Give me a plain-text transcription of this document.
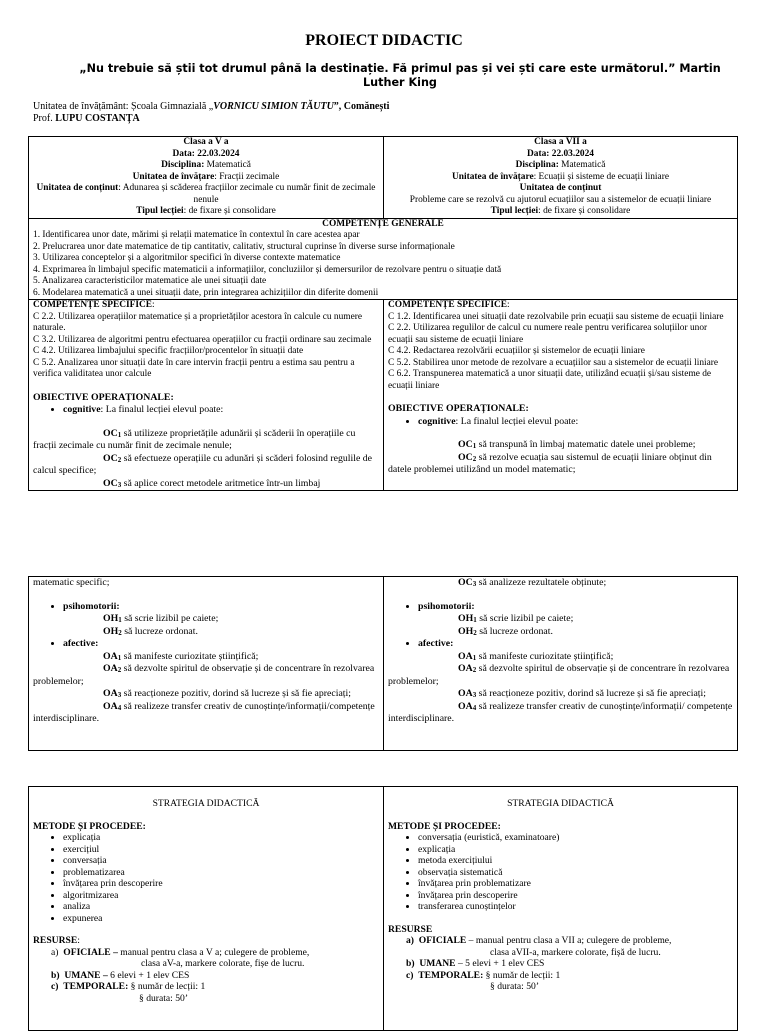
PROIECT DIDACTIC
„Nu trebuie să știi tot drumul până la destinație. Fă primul pas și vei ști care este următorul.” Martin Luther King
Unitatea de învățământ: Școala Gimnazială „VORNICU SIMION TĂUTU”, Comănești
Prof. LUPU COSTANȚA
Clasa a V a
Data: 22.03.2024
Disciplina: Matematică
Unitatea de învățare: Fracții zecimale
Unitatea de conținut: Adunarea și scăderea fracțiilor zecimale cu număr finit de zecimale nenule
Tipul lecției: de fixare și consolidare
Clasa a VII a
Data: 22.03.2024
Disciplina: Matematică
Unitatea de învățare: Ecuații și sisteme de ecuații liniare
Unitatea de conținut
Probleme care se rezolvă cu ajutorul ecuațiilor sau a sistemelor de ecuații liniare
Tipul lecției: de fixare și consolidare
COMPETENȚE GENERALE
1. Identificarea unor date, mărimi și relații matematice în contextul în care acestea apar
2. Prelucrarea unor date matematice de tip cantitativ, calitativ, structural cuprinse în diverse surse informaționale
3. Utilizarea conceptelor și a algoritmilor specifici în diverse contexte matematice
4. Exprimarea în limbajul specific matematicii a informațiilor, concluziilor și demersurilor de rezolvare pentru o situație dată
5. Analizarea caracteristicilor matematice ale unei situații date
6. Modelarea matematică a unei situații date, prin integrarea achizițiilor din diferite domenii
COMPETENȚE SPECIFICE:
C 2.2. Utilizarea operațiilor matematice și a proprietăților acestora în calcule cu numere naturale.
C 3.2. Utilizarea de algoritmi pentru efectuarea operațiilor cu fracții ordinare sau zecimale
C 4.2. Utilizarea limbajului specific fracțiilor/procentelor în situații date
C 5.2. Analizarea unor situații date în care intervin fracții pentru a estima sau pentru a verifica validitatea unor calcule
OBIECTIVE OPERAȚIONALE:
• cognitive: La finalul lecției elevul poate:
OC1 să utilizeze proprietățile adunării și scăderii în operațiile cu fracții zecimale cu număr finit de zecimale nenule;
OC2 să efectueze operațiile cu adunări și scăderi folosind regulile de calcul specifice;
OC3 să aplice corect metodele aritmetice într-un limbaj
COMPETENȚE SPECIFICE:
C 1.2. Identificarea unei situații date rezolvabile prin ecuații sau sisteme de ecuații liniare
C 2.2. Utilizarea regulilor de calcul cu numere reale pentru verificarea soluțiilor unor ecuații sau sisteme de ecuații liniare
C 4.2. Redactarea rezolvării ecuațiilor și sistemelor de ecuații liniare
C 5.2. Stabilirea unor metode de rezolvare a ecuațiilor sau a sistemelor de ecuații liniare
C 6.2. Transpunerea matematică a unor situații date, utilizând ecuații și/sau sisteme de ecuații liniare
OBIECTIVE OPERAȚIONALE:
• cognitive: La finalul lecției elevul poate:
OC1 să transpună în limbaj matematic datele unei probleme;
OC2 să rezolve ecuația sau sistemul de ecuații liniare obținut din datele problemei utilizând un model matematic;
matematic specific;
• psihomotorii:
OH1 să scrie lizibil pe caiete;
OH2 să lucreze ordonat.
• afective:
OA1 să manifeste curiozitate științifică;
OA2 să dezvolte spiritul de observație și de concentrare în rezolvarea problemelor;
OA3 să reacționeze pozitiv, dorind să lucreze și să fie apreciați;
OA4 să realizeze transfer creativ de cunoștințe/informații/competențe interdisciplinare.
OC3 să analizeze rezultatele obținute;
• psihomotorii:
OH1 să scrie lizibil pe caiete;
OH2 să lucreze ordonat.
• afective:
OA1 să manifeste curiozitate științifică;
OA2 să dezvolte spiritul de observație și de concentrare în rezolvarea problemelor;
OA3 să reacționeze pozitiv, dorind să lucreze și să fie apreciați;
OA4 să realizeze transfer creativ de cunoștințe/informații/ competențe interdisciplinare.
STRATEGIA DIDACTICĂ
METODE ȘI PROCEDEE:
• explicația
• exercițiul
• conversația
• problematizarea
• învățarea prin descoperire
• algoritmizarea
• analiza
• expunerea
RESURSE:
a) OFICIALE – manual pentru clasa a V a; culegere de probleme,
clasa aV-a, markere colorate, fișe de lucru.
b) UMANE – 6 elevi + 1 elev CES
c) TEMPORALE: § număr de lecții: 1
§ durata: 50’
STRATEGIA DIDACTICĂ
METODE ȘI PROCEDEE:
• conversația (euristică, examinatoare)
• explicația
• metoda exercițiului
• observația sistematică
• învățarea prin problematizare
• învățarea prin descoperire
• transferarea cunoștințelor
RESURSE
a) OFICIALE – manual pentru clasa a VII a; culegere de probleme,
clasa aVII-a, markere colorate, fișă de lucru.
b) UMANE – 5 elevi + 1 elev CES
c) TEMPORALE: § număr de lecții: 1
§ durata: 50’
